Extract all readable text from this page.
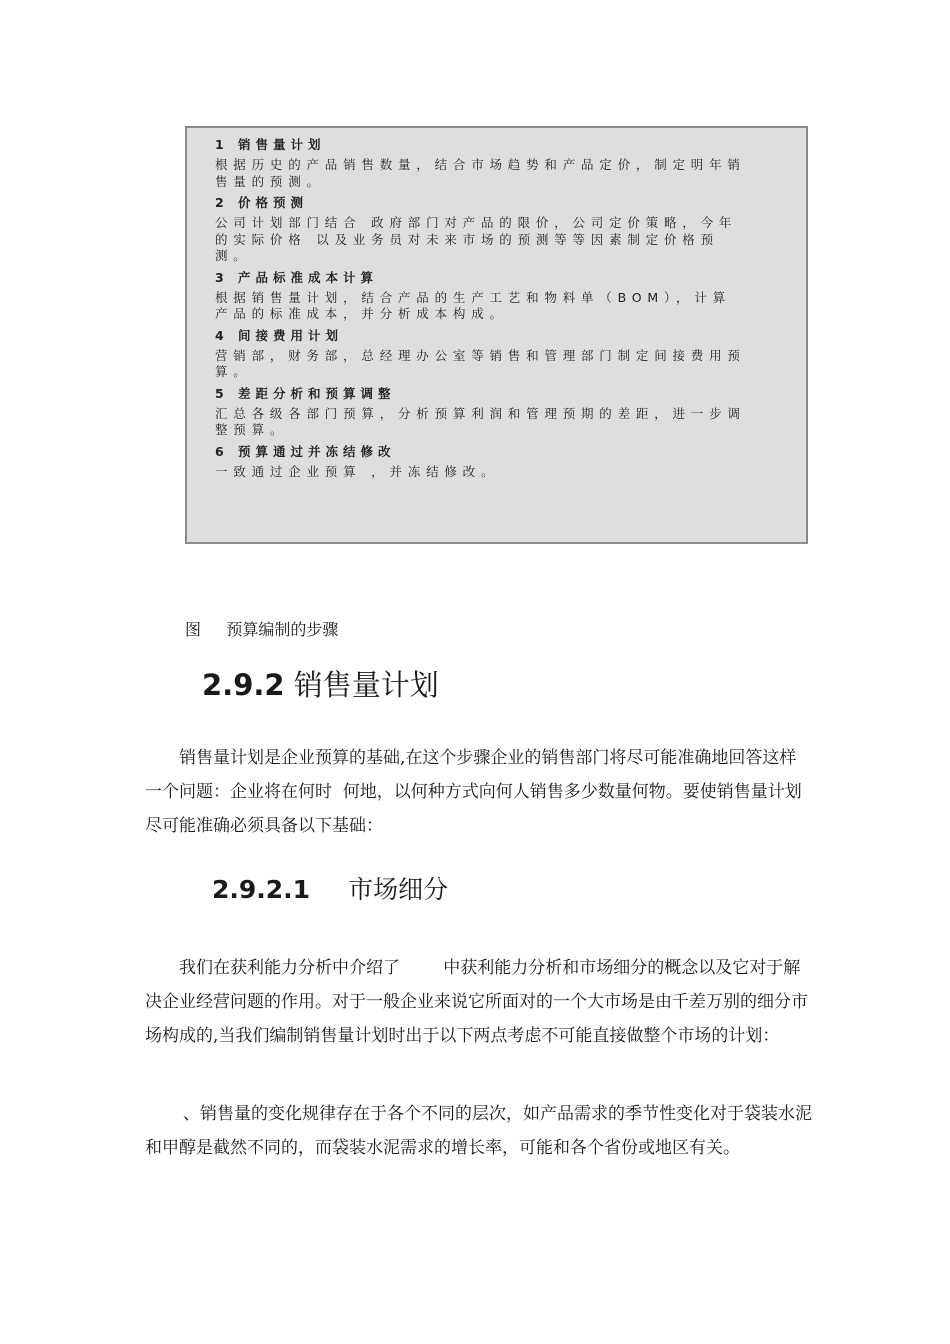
1 销售量计划
根据历史的产品销售数量，结合市场趋势和产品定价，制定明年销售量的预测。
2 价格预测
公司计划部门结合 政府部门对产品的限价，公司定价策略，今年的实际价格 以及业务员对未来市场的预测等等因素制定价格预测。
3 产品标准成本计算
根据销售量计划，结合产品的生产工艺和物料单（BOM），计算产品的标准成本，并分析成本构成。
4 间接费用计划
营销部，财务部，总经理办公室等销售和管理部门制定间接费用预算。
5 差距分析和预算调整
汇总各级各部门预算，分析预算利润和管理预期的差距，进一步调整预算。
6 预算通过并冻结修改
一致通过企业预算 ，并冻结修改。
图     预算编制的步骤
2.9.2 销售量计划

销售量计划是企业预算的基础,在这个步骤企业的销售部门将尽可能准确地回答这样一个问题：企业将在何时  何地，以何种方式向何人销售多少数量何物。要使销售量计划尽可能准确必须具备以下基础：

2.9.2.1 市场细分

我们在获利能力分析中介绍了        中获利能力分析和市场细分的概念以及它对于解决企业经营问题的作用。对于一般企业来说它所面对的一个大市场是由千差万别的细分市场构成的,当我们编制销售量计划时出于以下两点考虑不可能直接做整个市场的计划：

、销售量的变化规律存在于各个不同的层次，如产品需求的季节性变化对于袋装水泥和甲醇是截然不同的，而袋装水泥需求的增长率，可能和各个省份或地区有关。
